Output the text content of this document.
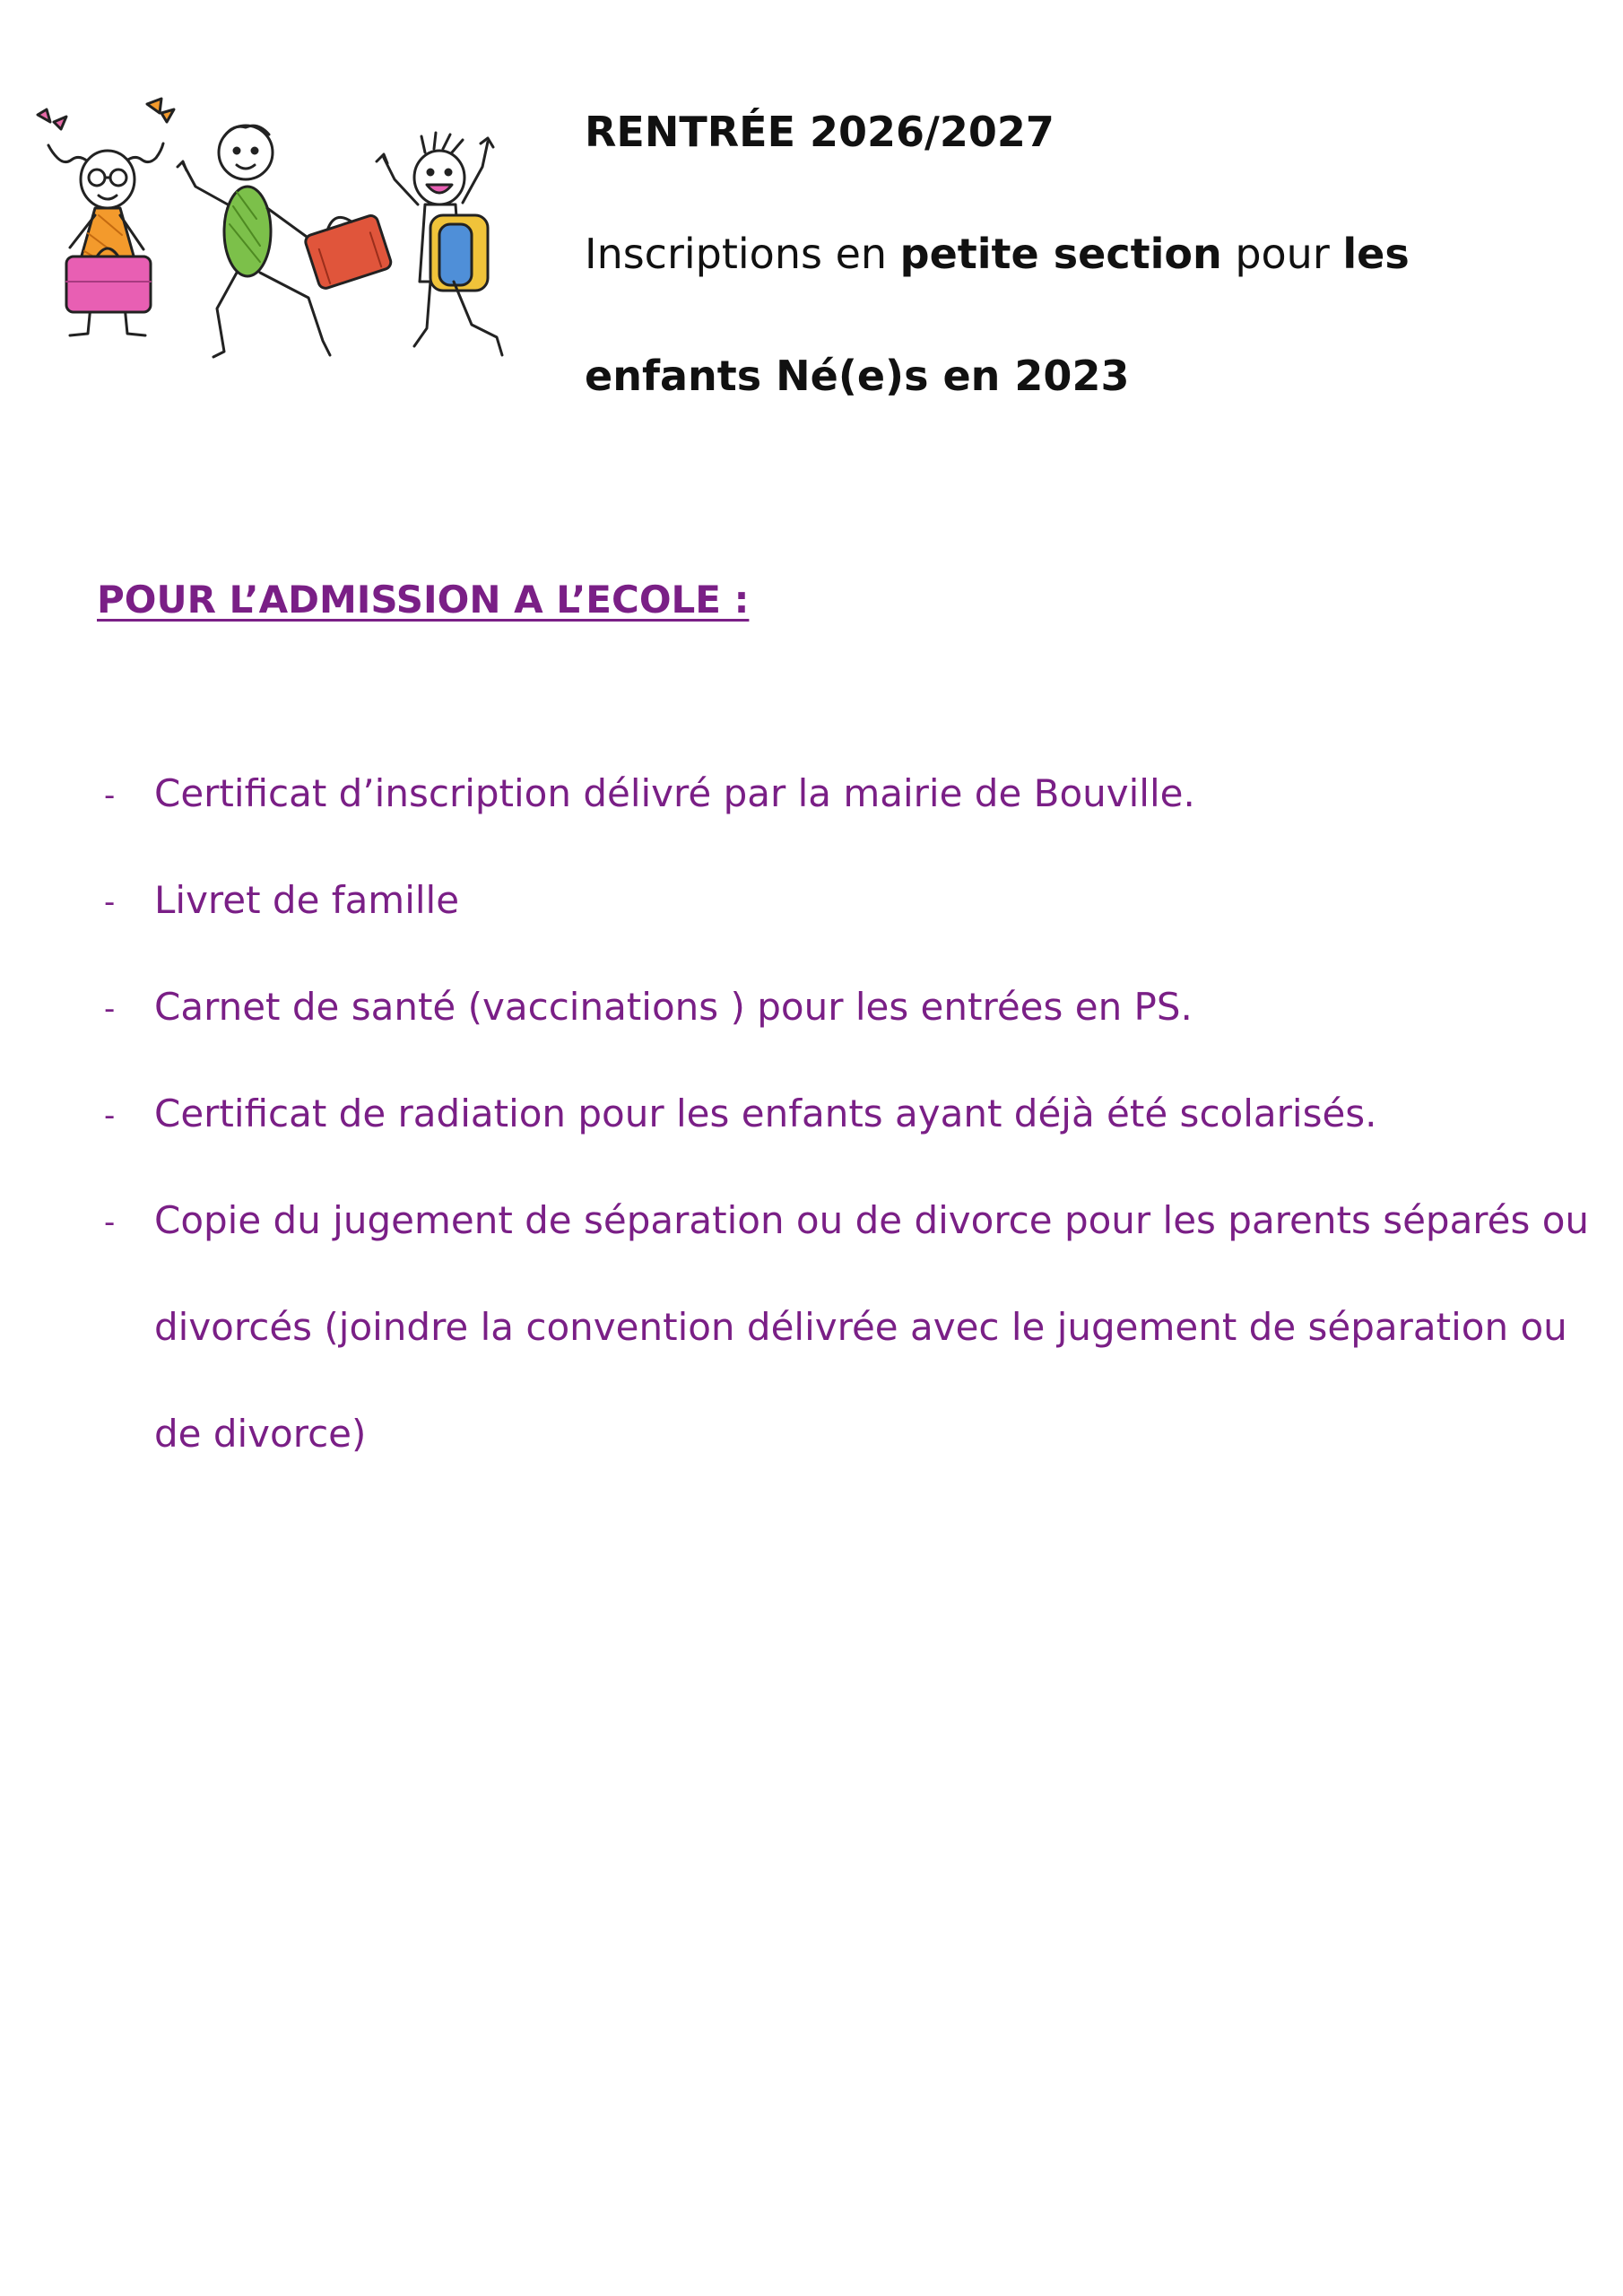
RENTRÉE 2026/2027
Inscriptions en petite section pour les
enfants Né(e)s en 2023
POUR L’ADMISSION A L’ECOLE :
- Certificat d’inscription délivré par la mairie de Bouville.
- Livret de famille
- Carnet de santé (vaccinations ) pour les entrées en PS.
- Certificat de radiation pour les enfants ayant déjà été scolarisés.
- Copie du jugement de séparation ou de divorce pour les parents séparés ou
divorcés (joindre la convention délivrée avec le jugement de séparation ou
de divorce)
